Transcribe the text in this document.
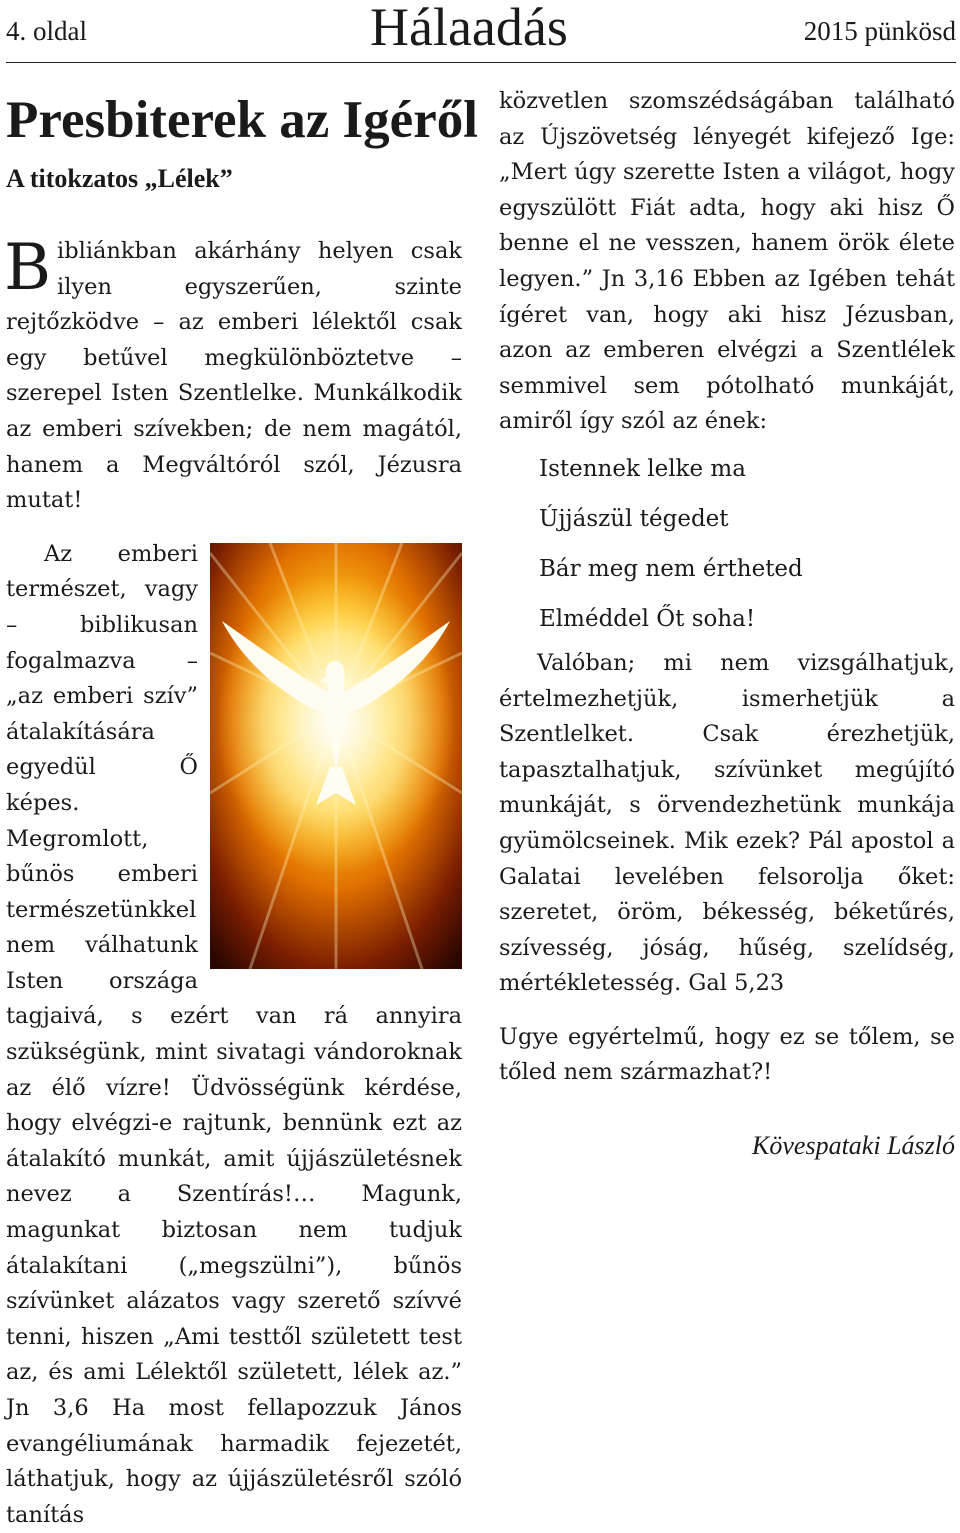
4. oldal	Hálaadás	2015 pünkösd
Presbiterek az Igéről
A titokzatos „Lélek”

Bibliánkban akárhány helyen csak ilyen egyszerűen, szinte rejtőzködve – az emberi lélektől csak egy betűvel megkülönböztetve – szerepel Isten Szentlelke. Munkálkodik az emberi szívekben; de nem magától, hanem a Megváltóról szól, Jézusra mutat!

Az emberi természet, vagy – biblikusan fogalmazva – „az emberi szív” átalakítására egyedül Ő képes. Megromlott, bűnös emberi természetünkkel nem válhatunk Isten országa tagjaivá, s ezért van rá annyira szükségünk, mint sivatagi vándoroknak az élő vízre! Üdvösségünk kérdése, hogy elvégzi-e rajtunk, bennünk ezt az átalakító munkát, amit újjászületésnek nevez a Szentírás!… Magunk, magunkat biztosan nem tudjuk átalakítani („megszülni”), bűnös szívünket alázatos vagy szerető szívvé tenni, hiszen „Ami testtől született test az, és ami Lélektől született, lélek az.” Jn 3,6 Ha most fellapozzuk János evangéliumának harmadik fejezetét, láthatjuk, hogy az újjászületésről szóló tanítás

közvetlen szomszédságában található az Újszövetség lényegét kifejező Ige: „Mert úgy szerette Isten a világot, hogy egyszülött Fiát adta, hogy aki hisz Ő benne el ne vesszen, hanem örök élete legyen.” Jn 3,16 Ebben az Igében tehát ígéret van, hogy aki hisz Jézusban, azon az emberen elvégzi a Szentlélek semmivel sem pótolható munkáját, amiről így szól az ének:

Istennek lelke ma

Újjászül tégedet

Bár meg nem értheted

Elméddel Őt soha!

Valóban; mi nem vizsgálhatjuk, értelmezhetjük, ismerhetjük a Szentlelket. Csak érezhetjük, tapasztalhatjuk, szívünket megújító munkáját, s örvendezhetünk munkája gyümölcseinek. Mik ezek? Pál apostol a Galatai levelében felsorolja őket: szeretet, öröm, békesség, béketűrés, szívesség, jóság, hűség, szelídség, mértékletesség. Gal 5,23

Ugye egyértelmű, hogy ez se tőlem, se tőled nem származhat?!

Kövespataki László
